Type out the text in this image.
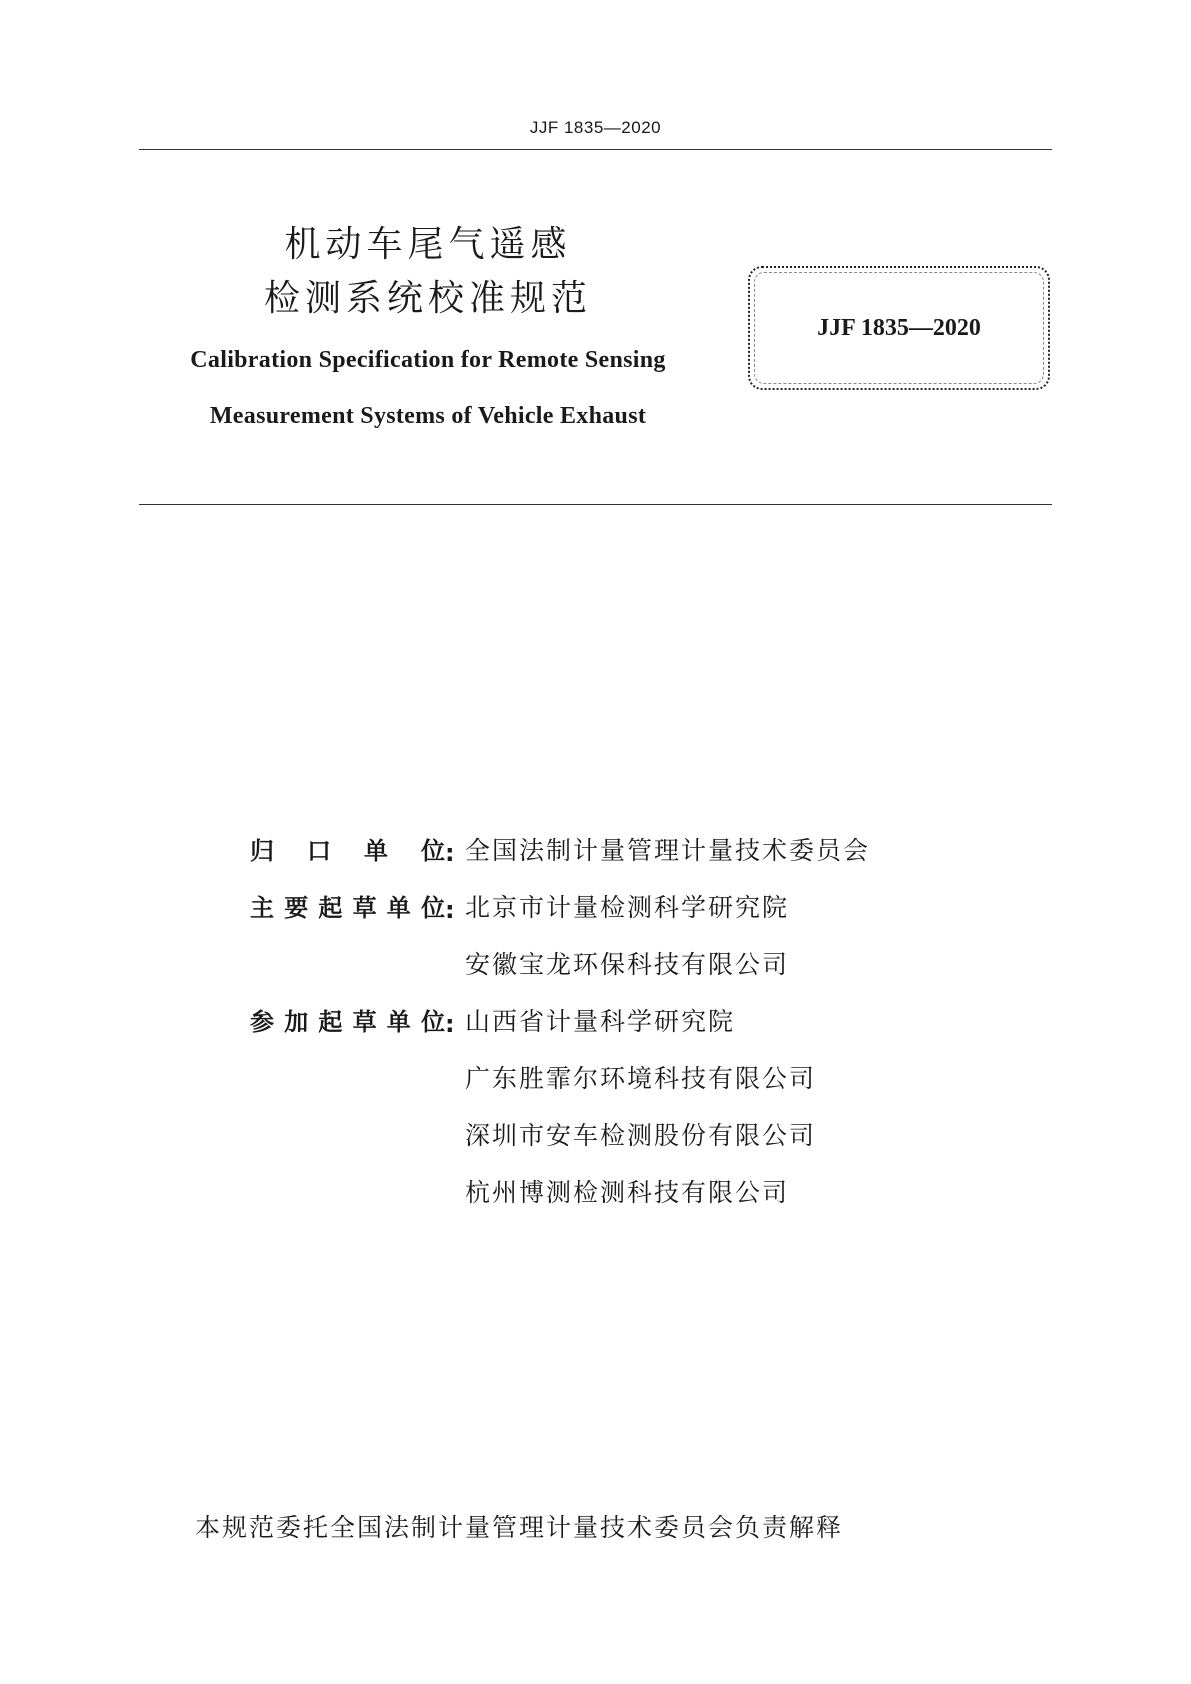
JJF 1835—2020

机动车尾气遥感

检测系统校准规范

Calibration Specification for Remote Sensing

Measurement Systems of Vehicle Exhaust

JJF 1835—2020
归口单位 : 全国法制计量管理计量技术委员会
主要起草单位 : 北京市计量检测科学研究院
安徽宝龙环保科技有限公司
参加起草单位 : 山西省计量科学研究院
广东胜霏尔环境科技有限公司
深圳市安车检测股份有限公司
杭州博测检测科技有限公司
本规范委托全国法制计量管理计量技术委员会负责解释
